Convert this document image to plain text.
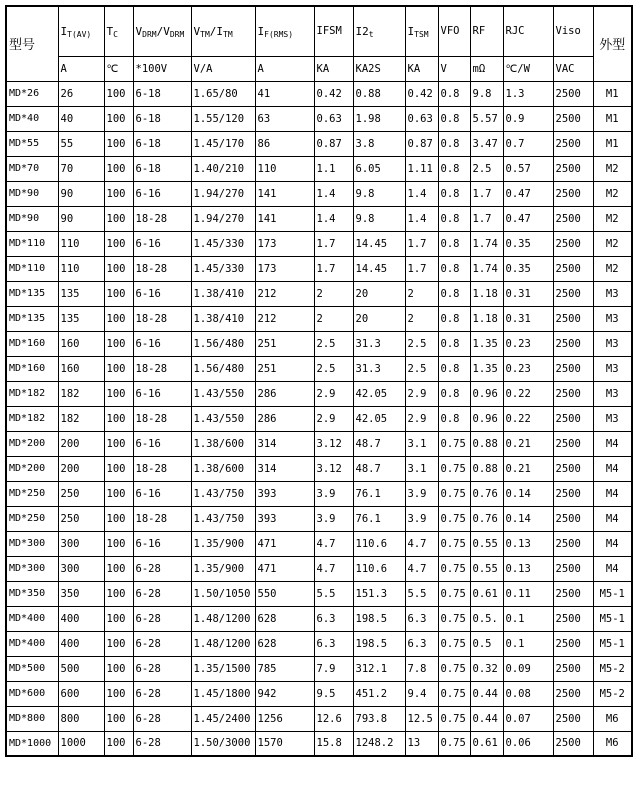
型号	$I_{T(AV)}$	$T_C$	$V_{DRM}/V_{DRM}$	$V_{TM}/I_{TM}$	$I_{F(RMS)}$	IFSM	$I2_t$	$I_{TSM}$	VFO	RF	RJC	Viso	外型
	A	℃	*100V	V/A	A	KA	KA2S	KA	V	mΩ	℃/W	VAC	
MD*26	26	100	6-18	1.65/80	41	0.42	0.88	0.42	0.8	9.8	1.3	2500	M1
MD*40	40	100	6-18	1.55/120	63	0.63	1.98	0.63	0.8	5.57	0.9	2500	M1
MD*55	55	100	6-18	1.45/170	86	0.87	3.8	0.87	0.8	3.47	0.7	2500	M1
MD*70	70	100	6-18	1.40/210	110	1.1	6.05	1.11	0.8	2.5	0.57	2500	M2
MD*90	90	100	6-16	1.94/270	141	1.4	9.8	1.4	0.8	1.7	0.47	2500	M2
MD*90	90	100	18-28	1.94/270	141	1.4	9.8	1.4	0.8	1.7	0.47	2500	M2
MD*110	110	100	6-16	1.45/330	173	1.7	14.45	1.7	0.8	1.74	0.35	2500	M2
MD*110	110	100	18-28	1.45/330	173	1.7	14.45	1.7	0.8	1.74	0.35	2500	M2
MD*135	135	100	6-16	1.38/410	212	2	20	2	0.8	1.18	0.31	2500	M3
MD*135	135	100	18-28	1.38/410	212	2	20	2	0.8	1.18	0.31	2500	M3
MD*160	160	100	6-16	1.56/480	251	2.5	31.3	2.5	0.8	1.35	0.23	2500	M3
MD*160	160	100	18-28	1.56/480	251	2.5	31.3	2.5	0.8	1.35	0.23	2500	M3
MD*182	182	100	6-16	1.43/550	286	2.9	42.05	2.9	0.8	0.96	0.22	2500	M3
MD*182	182	100	18-28	1.43/550	286	2.9	42.05	2.9	0.8	0.96	0.22	2500	M3
MD*200	200	100	6-16	1.38/600	314	3.12	48.7	3.1	0.75	0.88	0.21	2500	M4
MD*200	200	100	18-28	1.38/600	314	3.12	48.7	3.1	0.75	0.88	0.21	2500	M4
MD*250	250	100	6-16	1.43/750	393	3.9	76.1	3.9	0.75	0.76	0.14	2500	M4
MD*250	250	100	18-28	1.43/750	393	3.9	76.1	3.9	0.75	0.76	0.14	2500	M4
MD*300	300	100	6-16	1.35/900	471	4.7	110.6	4.7	0.75	0.55	0.13	2500	M4
MD*300	300	100	6-28	1.35/900	471	4.7	110.6	4.7	0.75	0.55	0.13	2500	M4
MD*350	350	100	6-28	1.50/1050	550	5.5	151.3	5.5	0.75	0.61	0.11	2500	M5-1
MD*400	400	100	6-28	1.48/1200	628	6.3	198.5	6.3	0.75	0.5.	0.1	2500	M5-1
MD*400	400	100	6-28	1.48/1200	628	6.3	198.5	6.3	0.75	0.5	0.1	2500	M5-1
MD*500	500	100	6-28	1.35/1500	785	7.9	312.1	7.8	0.75	0.32	0.09	2500	M5-2
MD*600	600	100	6-28	1.45/1800	942	9.5	451.2	9.4	0.75	0.44	0.08	2500	M5-2
MD*800	800	100	6-28	1.45/2400	1256	12.6	793.8	12.5	0.75	0.44	0.07	2500	M6
MD*1000	1000	100	6-28	1.50/3000	1570	15.8	1248.2	13	0.75	0.61	0.06	2500	M6
